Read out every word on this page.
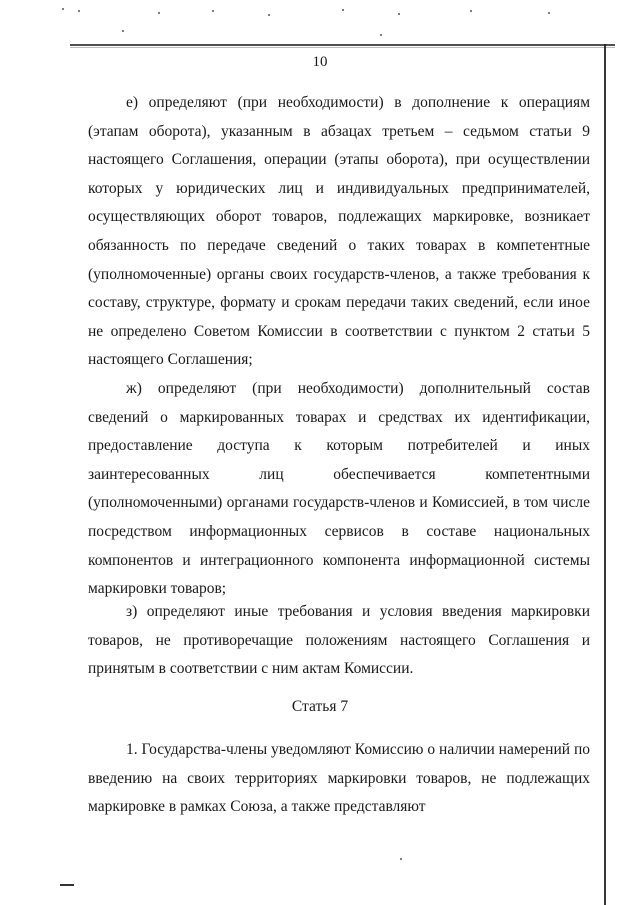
10

е) определяют (при необходимости) в дополнение к операциям (этапам оборота), указанным в абзацах третьем – седьмом статьи 9 настоящего Соглашения, операции (этапы оборота), при осуществлении которых у юридических лиц и индивидуальных предпринимателей, осуществляющих оборот товаров, подлежащих маркировке, возникает обязанность по передаче сведений о таких товарах в компетентные (уполномоченные) органы своих государств-членов, а также требования к составу, структуре, формату и срокам передачи таких сведений, если иное не определено Советом Комиссии в соответствии с пунктом 2 статьи 5 настоящего Соглашения;

ж) определяют (при необходимости) дополнительный состав сведений о маркированных товарах и средствах их идентификации, предоставление доступа к которым потребителей и иных заинтересованных лиц обеспечивается компетентными (уполномоченными) органами государств-членов и Комиссией, в том числе посредством информационных сервисов в составе национальных компонентов и интеграционного компонента информационной системы маркировки товаров;

з) определяют иные требования и условия введения маркировки товаров, не противоречащие положениям настоящего Соглашения и принятым в соответствии с ним актам Комиссии.

Статья 7

1. Государства-члены уведомляют Комиссию о наличии намерений по введению на своих территориях маркировки товаров, не подлежащих маркировке в рамках Союза, а также представляют
